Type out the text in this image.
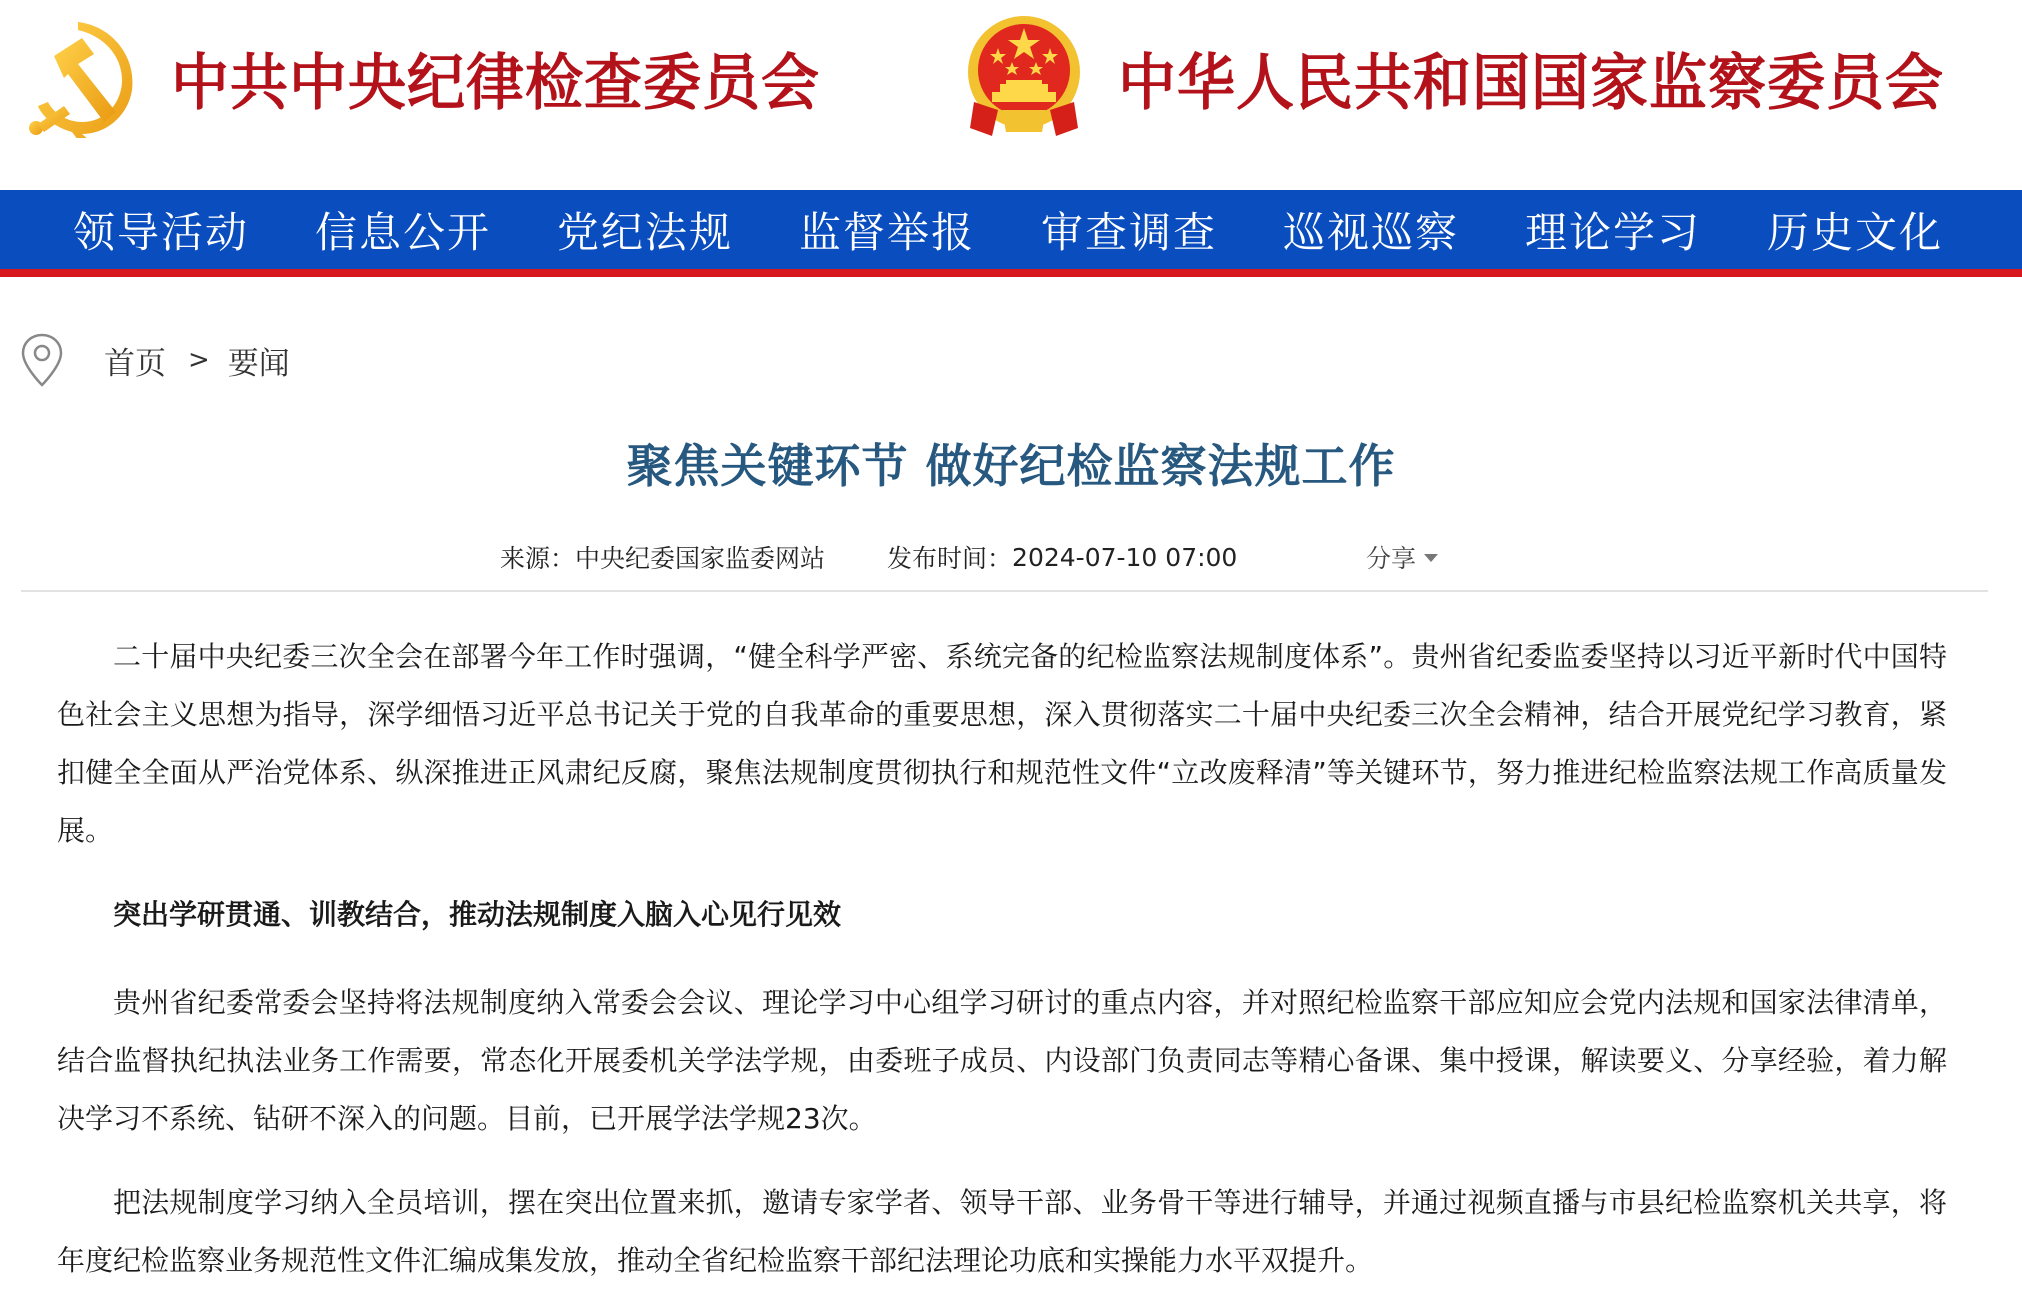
中共中央纪律检查委员会	中华人民共和国国家监察委员会
领导活动	信息公开	党纪法规	监督举报	审查调查	巡视巡察	理论学习	历史文化
首页 > 要闻
聚焦关键环节 做好纪检监察法规工作
来源： 中央纪委国家监委网站 发布时间： 2024-07-10 07:00	分享

二十届中央纪委三次全会在部署今年工作时强调，“健全科学严密、系统完备的纪检监察法规制度体系”。贵州省纪委监委坚持以习近平新时代中国特色社会主义思想为指导，深学细悟习近平总书记关于党的自我革命的重要思想，深入贯彻落实二十届中央纪委三次全会精神，结合开展党纪学习教育，紧扣健全全面从严治党体系、纵深推进正风肃纪反腐，聚焦法规制度贯彻执行和规范性文件“立改废释清”等关键环节，努力推进纪检监察法规工作高质量发展。

突出学研贯通、训教结合，推动法规制度入脑入心见行见效

贵州省纪委常委会坚持将法规制度纳入常委会会议、理论学习中心组学习研讨的重点内容，并对照纪检监察干部应知应会党内法规和国家法律清单，结合监督执纪执法业务工作需要，常态化开展委机关学法学规，由委班子成员、内设部门负责同志等精心备课、集中授课，解读要义、分享经验，着力解决学习不系统、钻研不深入的问题。目前，已开展学法学规23次。

把法规制度学习纳入全员培训，摆在突出位置来抓，邀请专家学者、领导干部、业务骨干等进行辅导，并通过视频直播与市县纪检监察机关共享，将年度纪检监察业务规范性文件汇编成集发放，推动全省纪检监察干部纪法理论功底和实操能力水平双提升。
